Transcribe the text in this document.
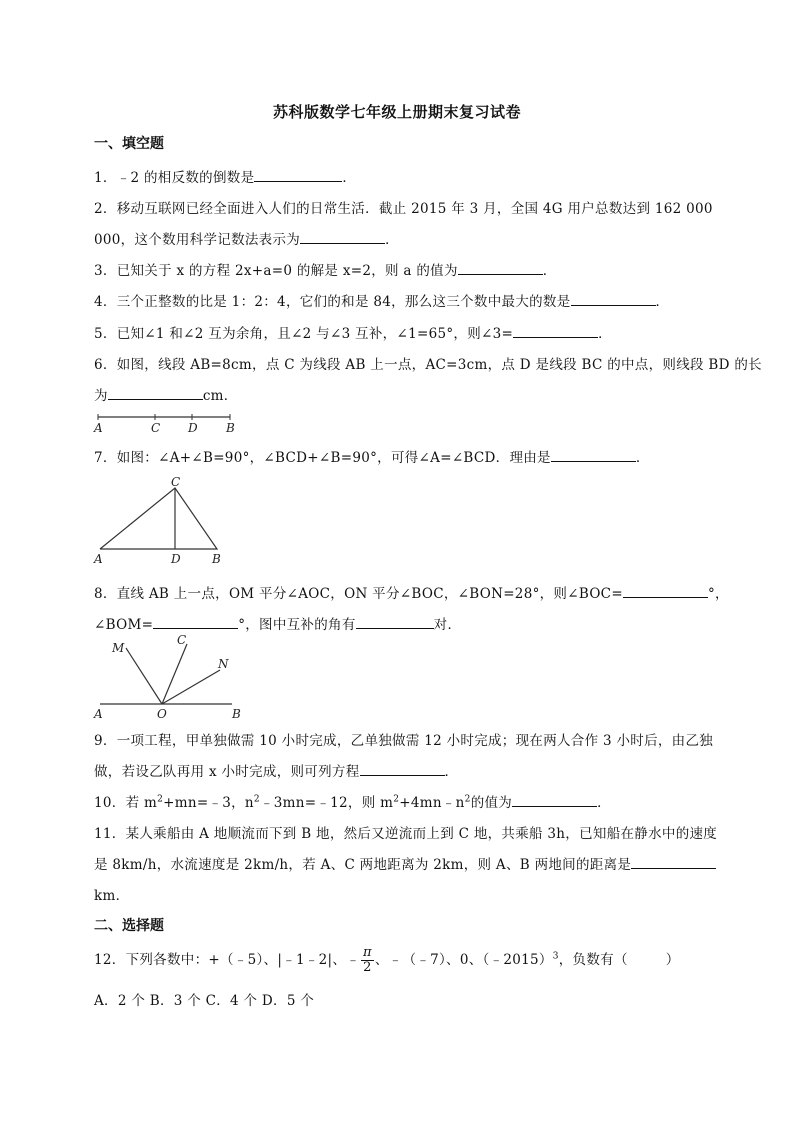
苏科版数学七年级上册期末复习试卷
一、填空题
1．﹣2 的相反数的倒数是	．
2．移动互联网已经全面进入人们的日常生活．截止 2015 年 3 月，全国 4G 用户总数达到 162 000
000，这个数用科学记数法表示为	．
3．已知关于 x 的方程 2x+a=0 的解是 x=2，则 a 的值为	．
4．三个正整数的比是 1：2：4，它们的和是 84，那么这三个数中最大的数是	．
5．已知∠1 和∠2 互为余角，且∠2 与∠3 互补，∠1=65°，则∠3=	．
6．如图，线段 AB=8cm，点 C 为线段 AB 上一点，AC=3cm，点 D 是线段 BC 的中点，则线段 BD 的长
为	cm．
A	C D B
7．如图：∠A+∠B=90°，∠BCD+∠B=90°，可得∠A=∠BCD．理由是	．
C
A	D	B
8．直线 AB 上一点，OM 平分∠AOC，ON 平分∠BOC，∠BON=28°，则∠BOC=	°，
∠BOM=	°，图中互补的角有	对．
M
C
N
A	O	B
9．一项工程，甲单独做需 10 小时完成，乙单独做需 12 小时完成；现在两人合作 3 小时后，由乙独
做，若设乙队再用 x 小时完成，则可列方程	．
10．若 $m^2+mn=﹣3$，$n^2﹣3mn=﹣12$，则 $m^2+4mn﹣n^2$的值为	．
11．某人乘船由 A 地顺流而下到 B 地，然后又逆流而上到 C 地，共乘船 3h，已知船在静水中的速度
是 8km/h，水流速度是 2km/h，若 A、C 两地距离为 2km，则 A、B 两地间的距离是
km．
二、选择题
12．下列各数中：+（﹣5）、|﹣1﹣2|、﹣ $\frac{\pi}{2}$ 、﹣（﹣7）、0、（﹣2015）$^3$，负数有（	）
A．2 个 B．3 个 C．4 个 D．5 个
